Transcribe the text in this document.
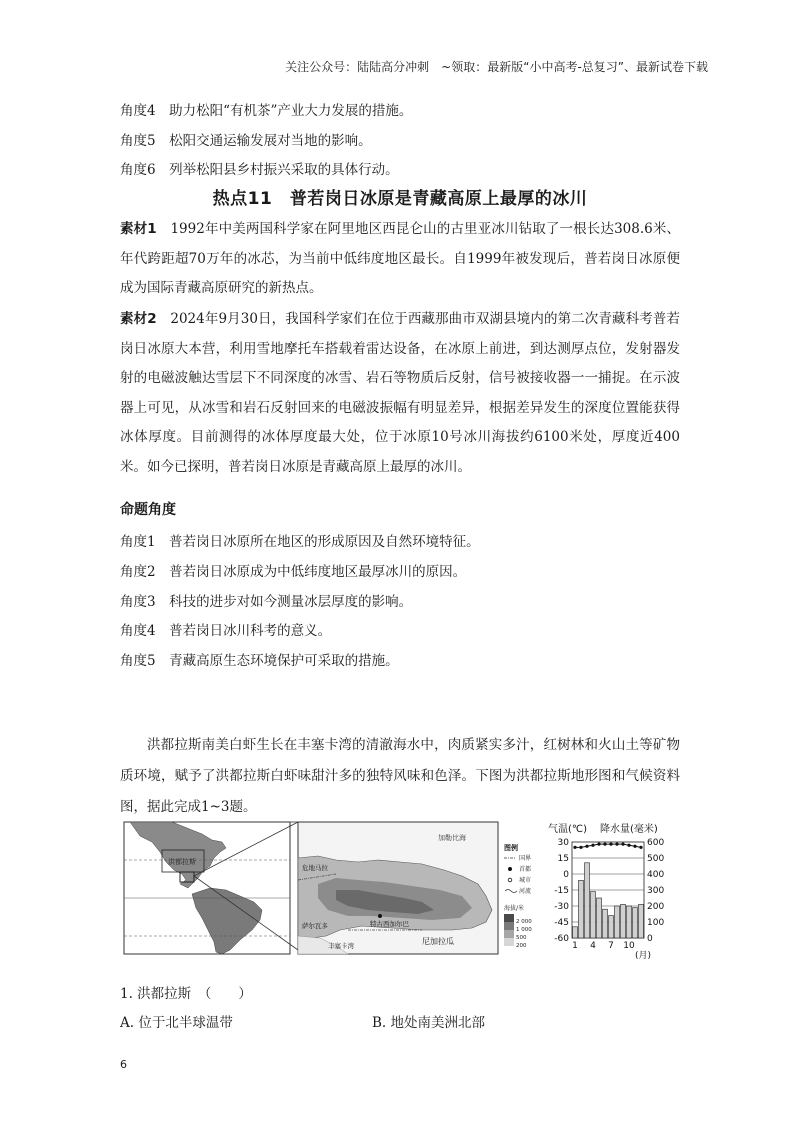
关注公众号：陆陆高分冲刺　~领取：最新版“小中高考-总复习”、最新试卷下载
角度4　助力松阳“有机茶”产业大力发展的措施。
角度5　松阳交通运输发展对当地的影响。
角度6　列举松阳县乡村振兴采取的具体行动。
热点11　普若岗日冰原是青藏高原上最厚的冰川
素材1　 1992年中美两国科学家在阿里地区西昆仑山的古里亚冰川钻取了一根长达308.6米、年代跨距超70万年的冰芯，为当前中低纬度地区最长。自1999年被发现后，普若岗日冰原便成为国际青藏高原研究的新热点。
素材2　 2024年9月30日，我国科学家们在位于西藏那曲市双湖县境内的第二次青藏科考普若岗日冰原大本营，利用雪地摩托车搭载着雷达设备，在冰原上前进，到达测厚点位，发射器发射的电磁波触达雪层下不同深度的冰雪、岩石等物质后反射，信号被接收器一一捕捉。在示波器上可见，从冰雪和岩石反射回来的电磁波振幅有明显差异，根据差异发生的深度位置能获得冰体厚度。目前测得的冰体厚度最大处，位于冰原10号冰川海拔约6100米处，厚度近400米。如今已探明，普若岗日冰原是青藏高原上最厚的冰川。
命题角度
角度1　普若岗日冰原所在地区的形成原因及自然环境特征。
角度2　普若岗日冰原成为中低纬度地区最厚冰川的原因。
角度3　科技的进步对如今测量冰层厚度的影响。
角度4　普若岗日冰川科考的意义。
角度5　青藏高原生态环境保护可采取的措施。
洪都拉斯南美白虾生长在丰塞卡湾的清澈海水中，肉质紧实多汁，红树林和火山土等矿物质环境，赋予了洪都拉斯白虾味甜汁多的独特风味和色泽。下图为洪都拉斯地形图和气候资料图，据此完成1~3题。
洪都拉斯
加勒比海
特古西加尔巴
尼加拉瓜
萨尔瓦多
危地马拉
丰塞卡湾
图例
国界
首都
城市
河流
海拔/米
2 000
1 000
500
200
气温(℃) 降水量(毫米)
30
15
0
-15
-30
-45
-60
600
500
400
300
200
100
0
1 4 7 10
(月)
1. 洪都拉斯　（　　）
A. 位于北半球温带	B. 地处南美洲北部
6
